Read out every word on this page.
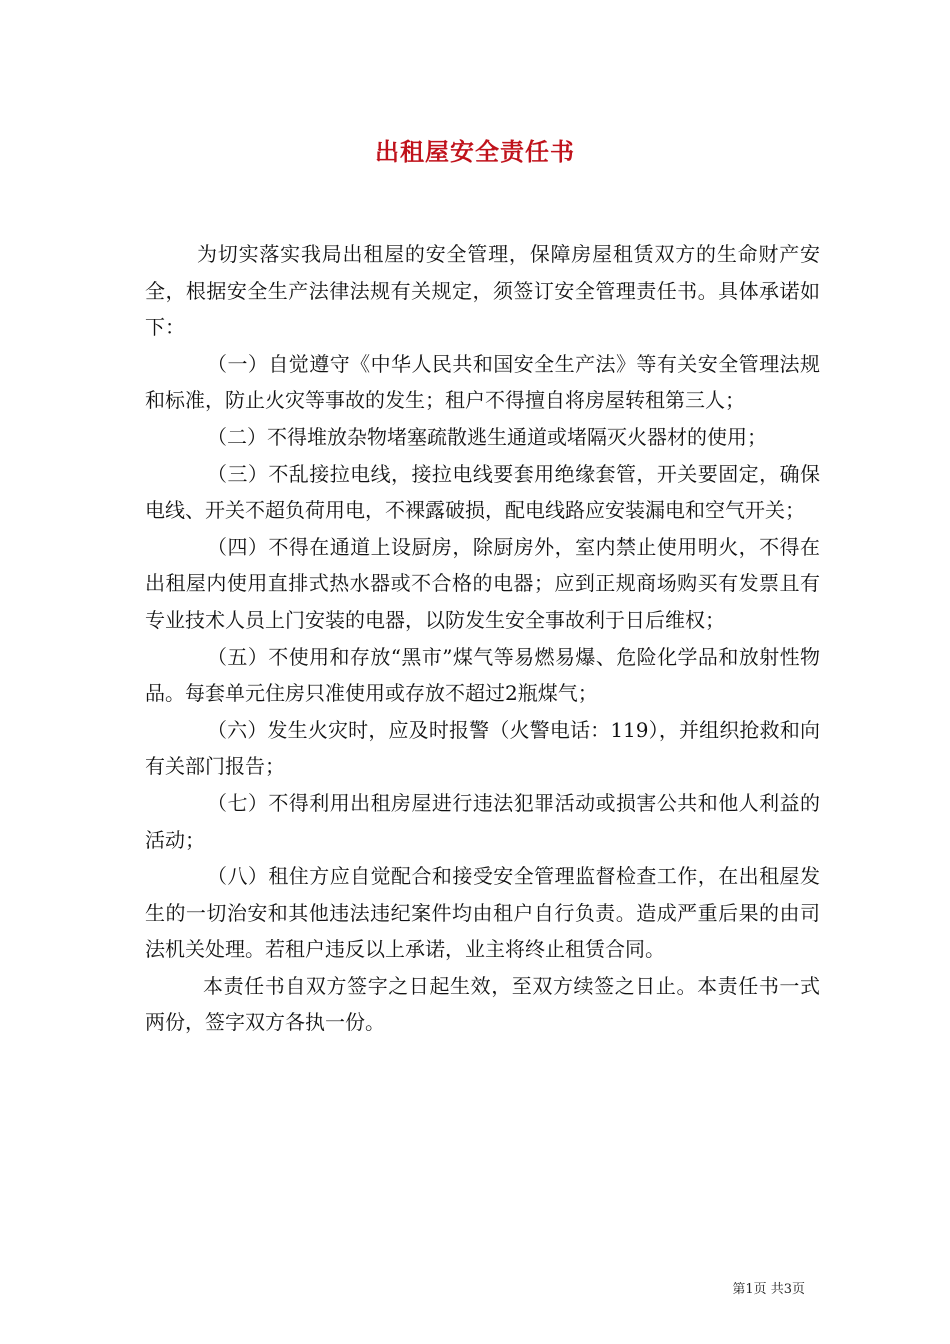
出租屋安全责任书

为切实落实我局出租屋的安全管理，保障房屋租赁双方的生命财产安全，根据安全生产法律法规有关规定，须签订安全管理责任书。具体承诺如下：

（一）自觉遵守《中华人民共和国安全生产法》等有关安全管理法规和标准，防止火灾等事故的发生；租户不得擅自将房屋转租第三人；

（二）不得堆放杂物堵塞疏散逃生通道或堵隔灭火器材的使用；

（三）不乱接拉电线，接拉电线要套用绝缘套管，开关要固定，确保电线、开关不超负荷用电，不裸露破损，配电线路应安装漏电和空气开关；

（四）不得在通道上设厨房，除厨房外，室内禁止使用明火，不得在出租屋内使用直排式热水器或不合格的电器；应到正规商场购买有发票且有专业技术人员上门安装的电器，以防发生安全事故利于日后维权；

（五）不使用和存放“黑市”煤气等易燃易爆、危险化学品和放射性物品。每套单元住房只准使用或存放不超过2瓶煤气；

（六）发生火灾时，应及时报警（火警电话：119），并组织抢救和向有关部门报告；

（七）不得利用出租房屋进行违法犯罪活动或损害公共和他人利益的活动；

（八）租住方应自觉配合和接受安全管理监督检查工作，在出租屋发生的一切治安和其他违法违纪案件均由租户自行负责。造成严重后果的由司法机关处理。若租户违反以上承诺，业主将终止租赁合同。

本责任书自双方签字之日起生效，至双方续签之日止。本责任书一式两份，签字双方各执一份。

第1页 共3页
